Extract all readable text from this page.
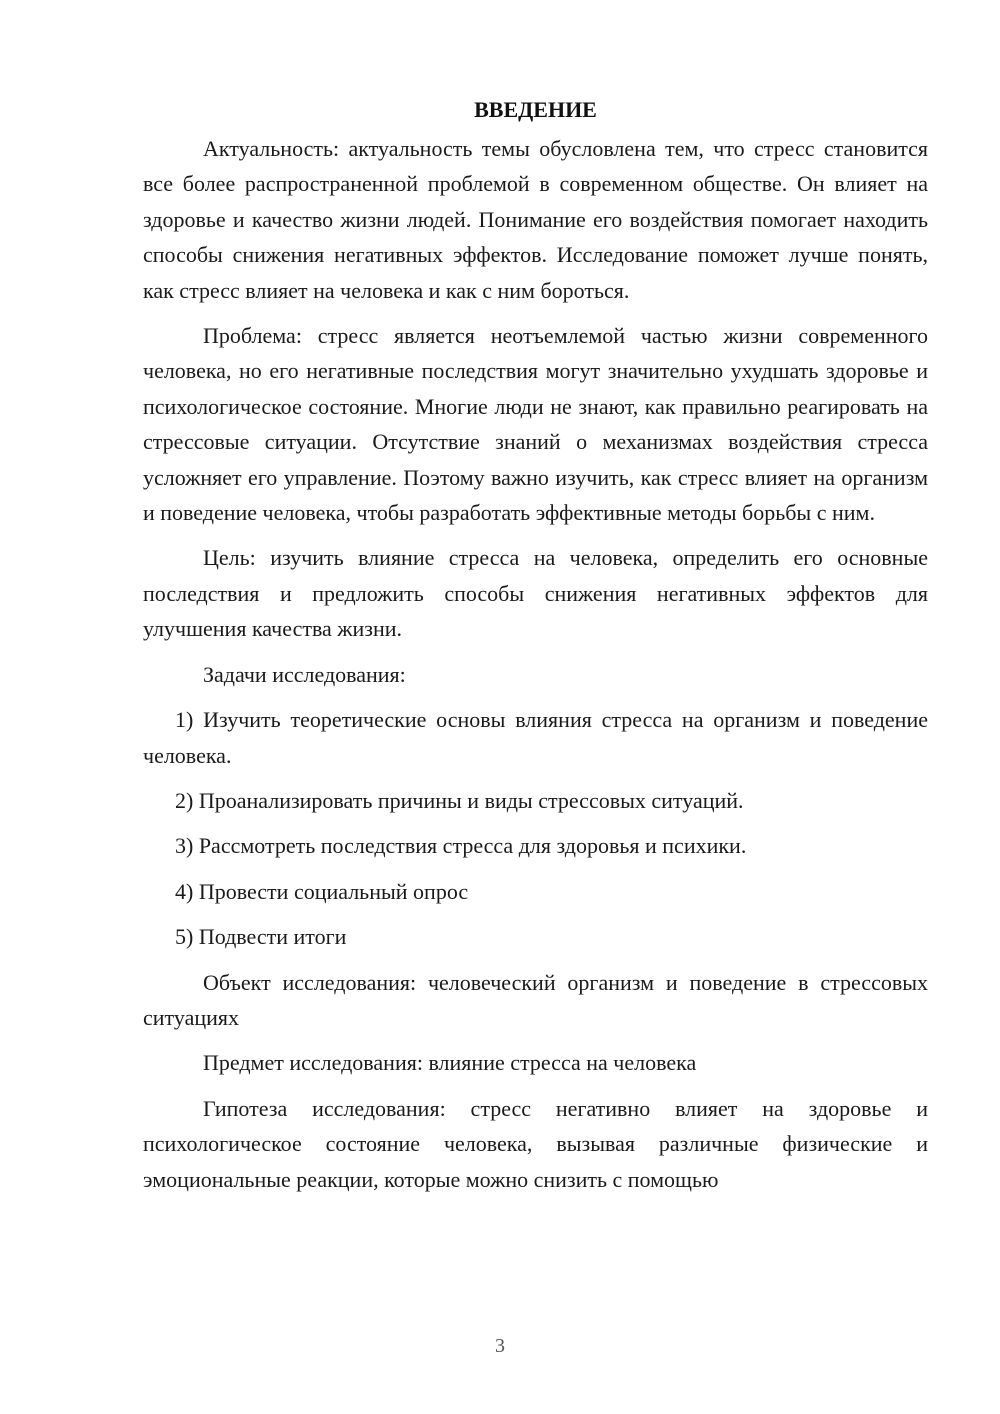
ВВЕДЕНИЕ

Актуальность: актуальность темы обусловлена тем, что стресс становится все более распространенной проблемой в современном обществе. Он влияет на здоровье и качество жизни людей. Понимание его воздействия помогает находить способы снижения негативных эффектов. Исследование поможет лучше понять, как стресс влияет на человека и как с ним бороться.

Проблема: стресс является неотъемлемой частью жизни современного человека, но его негативные последствия могут значительно ухудшать здоровье и психологическое состояние. Многие люди не знают, как правильно реагировать на стрессовые ситуации. Отсутствие знаний о механизмах воздействия стресса усложняет его управление. Поэтому важно изучить, как стресс влияет на организм и поведение человека, чтобы разработать эффективные методы борьбы с ним.

Цель: изучить влияние стресса на человека, определить его основные последствия и предложить способы снижения негативных эффектов для улучшения качества жизни.

Задачи исследования:

1) Изучить теоретические основы влияния стресса на организм и поведение человека.

2) Проанализировать причины и виды стрессовых ситуаций.

3) Рассмотреть последствия стресса для здоровья и психики.

4) Провести социальный опрос

5) Подвести итоги

Объект исследования: человеческий организм и поведение в стрессовых ситуациях

Предмет исследования: влияние стресса на человека

Гипотеза исследования: стресс негативно влияет на здоровье и психологическое состояние человека, вызывая различные физические и эмоциональные реакции, которые можно снизить с помощью

3
